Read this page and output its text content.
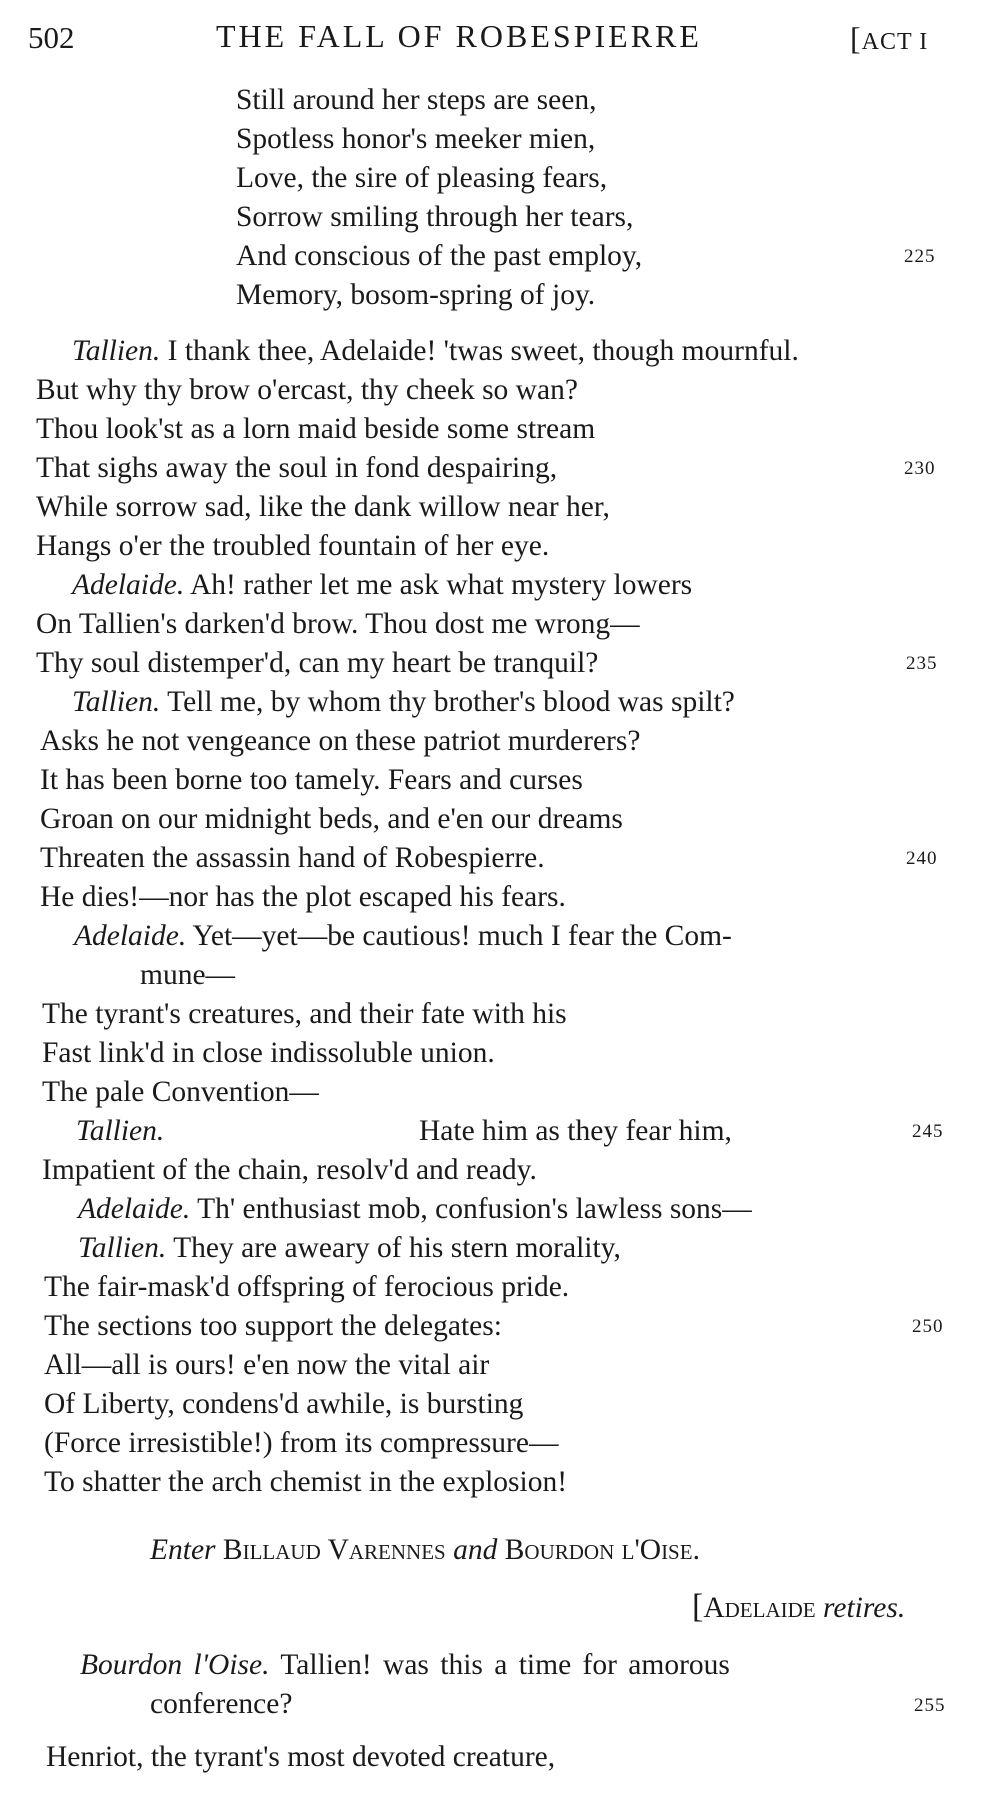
502	THE FALL OF ROBESPIERRE	[ACT I
Still around her steps are seen,
Spotless honor's meeker mien,
Love, the sire of pleasing fears,
Sorrow smiling through her tears,
And conscious of the past employ,
Memory, bosom-spring of joy.
Tallien. I thank thee, Adelaide! 'twas sweet, though mournful.
But why thy brow o'ercast, thy cheek so wan?
Thou look'st as a lorn maid beside some stream
That sighs away the soul in fond despairing,
While sorrow sad, like the dank willow near her,
Hangs o'er the troubled fountain of her eye.
Adelaide. Ah! rather let me ask what mystery lowers
On Tallien's darken'd brow. Thou dost me wrong—
Thy soul distemper'd, can my heart be tranquil?
Tallien. Tell me, by whom thy brother's blood was spilt?
Asks he not vengeance on these patriot murderers?
It has been borne too tamely. Fears and curses
Groan on our midnight beds, and e'en our dreams
Threaten the assassin hand of Robespierre.
He dies!—nor has the plot escaped his fears.
Adelaide. Yet—yet—be cautious! much I fear the Com-
mune—
The tyrant's creatures, and their fate with his
Fast link'd in close indissoluble union.
The pale Convention—
Tallien.	Hate him as they fear him,
Impatient of the chain, resolv'd and ready.
Adelaide. Th' enthusiast mob, confusion's lawless sons—
Tallien. They are aweary of his stern morality,
The fair-mask'd offspring of ferocious pride.
The sections too support the delegates:
All—all is ours! e'en now the vital air
Of Liberty, condens'd awhile, is bursting
(Force irresistible!) from its compressure—
To shatter the arch chemist in the explosion!
Enter Billaud Varennes and Bourdon l'Oise.
[Adelaide retires.
Bourdon l'Oise. Tallien! was this a time for amorous
conference?
Henriot, the tyrant's most devoted creature,
225
230
235
240
245
250
255
